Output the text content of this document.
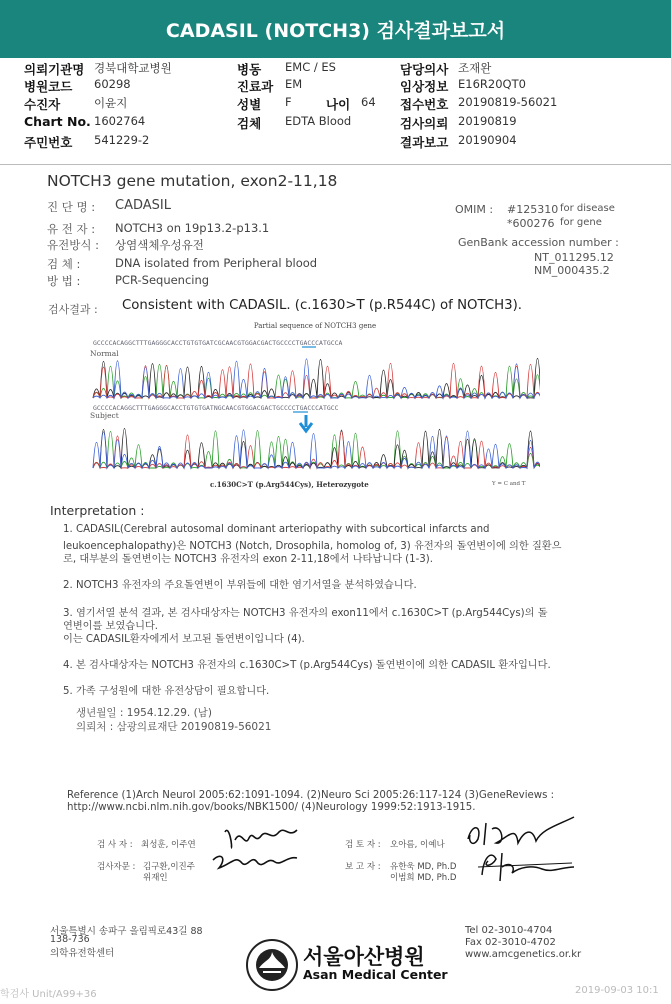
CADASIL (NOTCH3) 검사결과보고서
의뢰기관명 경북대학교병원
병원코드 60298
수진자	이윤지
Chart No. 1602764
주민번호 541229-2
병동 EMC / ES
진료과 EM
성별 F
검체 EDTA Blood
담당의사 조재완
임상정보 E16R20QT0
접수번호 20190819-56021
검사의뢰 20190819
결과보고 20190904
나이 64
NOTCH3 gene mutation, exon2-11,18
진 단 명 : CADASIL
유 전 자 : NOTCH3 on 19p13.2-p13.1
유전방식 : 상염색체우성유전
검 체 :	DNA isolated from Peripheral blood
방 법 :	PCR-Sequencing
OMIM : #125310 for disease
*600276 for gene
GenBank accession number :
NT_011295.12
NM_000435.2
검사결과 : Consistent with CADASIL. (c.1630>T (p.R544C) of NOTCH3).
Partial sequence of NOTCH3 gene
Normal
GCCCCACAGGCTTTGAGGGCACCTGTGTGATCGCAACGTGGACGACTGCCCCTGACCCATGCCA
GCCCCACAGGCTTTGAGGGCACCTGTGTGATNGCAACGTGGACGACTGCCCCTGACCCATGCC
Subject
c.1630C>T (p.Arg544Cys), Heterozygote	Y = C and T
Interpretation :
1. CADASIL(Cerebral autosomal dominant arteriopathy with subcortical infarcts and
leukoencephalopathy)은 NOTCH3 (Notch, Drosophila, homolog of, 3) 유전자의 돌연변이에 의한 질환으
로, 대부분의 돌연변이는 NOTCH3 유전자의 exon 2-11,18에서 나타납니다 (1-3).
2. NOTCH3 유전자의 주요돌연변이 부위들에 대한 염기서열을 분석하였습니다.
3. 염기서열 분석 결과, 본 검사대상자는 NOTCH3 유전자의 exon11에서 c.1630C>T (p.Arg544Cys)의 돌
연변이를 보였습니다.
이는 CADASIL환자에게서 보고된 돌연변이입니다 (4).
4. 본 검사대상자는 NOTCH3 유전자의 c.1630C>T (p.Arg544Cys) 돌연변이에 의한 CADASIL 환자입니다.
5. 가족 구성원에 대한 유전상담이 필요합니다.
생년월일 : 1954.12.29. (남)
의뢰처 : 삼광의료재단 20190819-56021
Reference (1)Arch Neurol 2005:62:1091-1094. (2)Neuro Sci 2005:26:117-124 (3)GeneReviews :
http://www.ncbi.nlm.nih.gov/books/NBK1500/ (4)Neurology 1999:52:1913-1915.
검 사 자 : 최성훈, 이주연
검사자문 : 김구환,이진주
위재인
검 토 자 : 오아름, 이예나
보 고 자 : 유한욱 MD, Ph.D
이범희 MD, Ph.D
서울특별시 송파구 올림픽로43길 88
138-736
의학유전학센터	서울아산병원
Asan Medical Center
Tel 02-3010-4704
Fax 02-3010-4702
www.amcgenetics.or.kr
학검사 Unit/A99+36	2019-09-03 10:1
